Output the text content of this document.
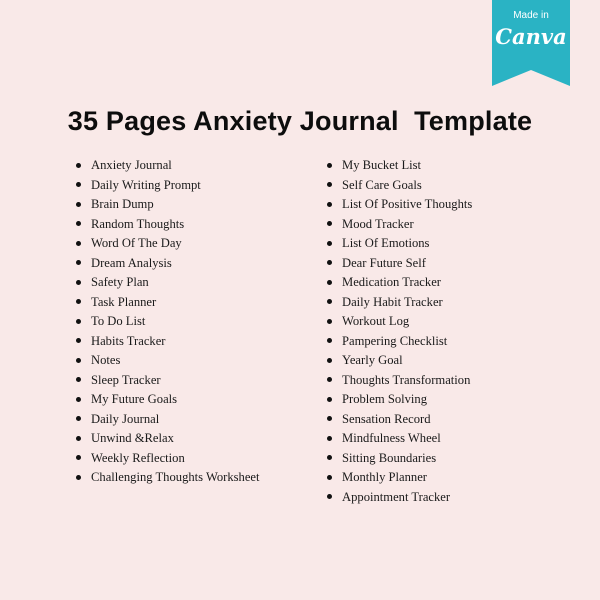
Made in
Canva
35 Pages Anxiety Journal  Template
Anxiety Journal
Daily Writing Prompt
Brain Dump
Random Thoughts
Word Of The Day
Dream Analysis
Safety Plan
Task Planner
To Do List
Habits Tracker
Notes
Sleep Tracker
My Future Goals
Daily Journal
Unwind &Relax
Weekly Reflection
Challenging Thoughts Worksheet
My Bucket List
Self Care Goals
List Of Positive Thoughts
Mood Tracker
List Of Emotions
Dear Future Self
Medication Tracker
Daily Habit Tracker
Workout Log
Pampering Checklist
Yearly Goal
Thoughts Transformation
Problem Solving
Sensation Record
Mindfulness Wheel
Sitting Boundaries
Monthly Planner
Appointment Tracker
